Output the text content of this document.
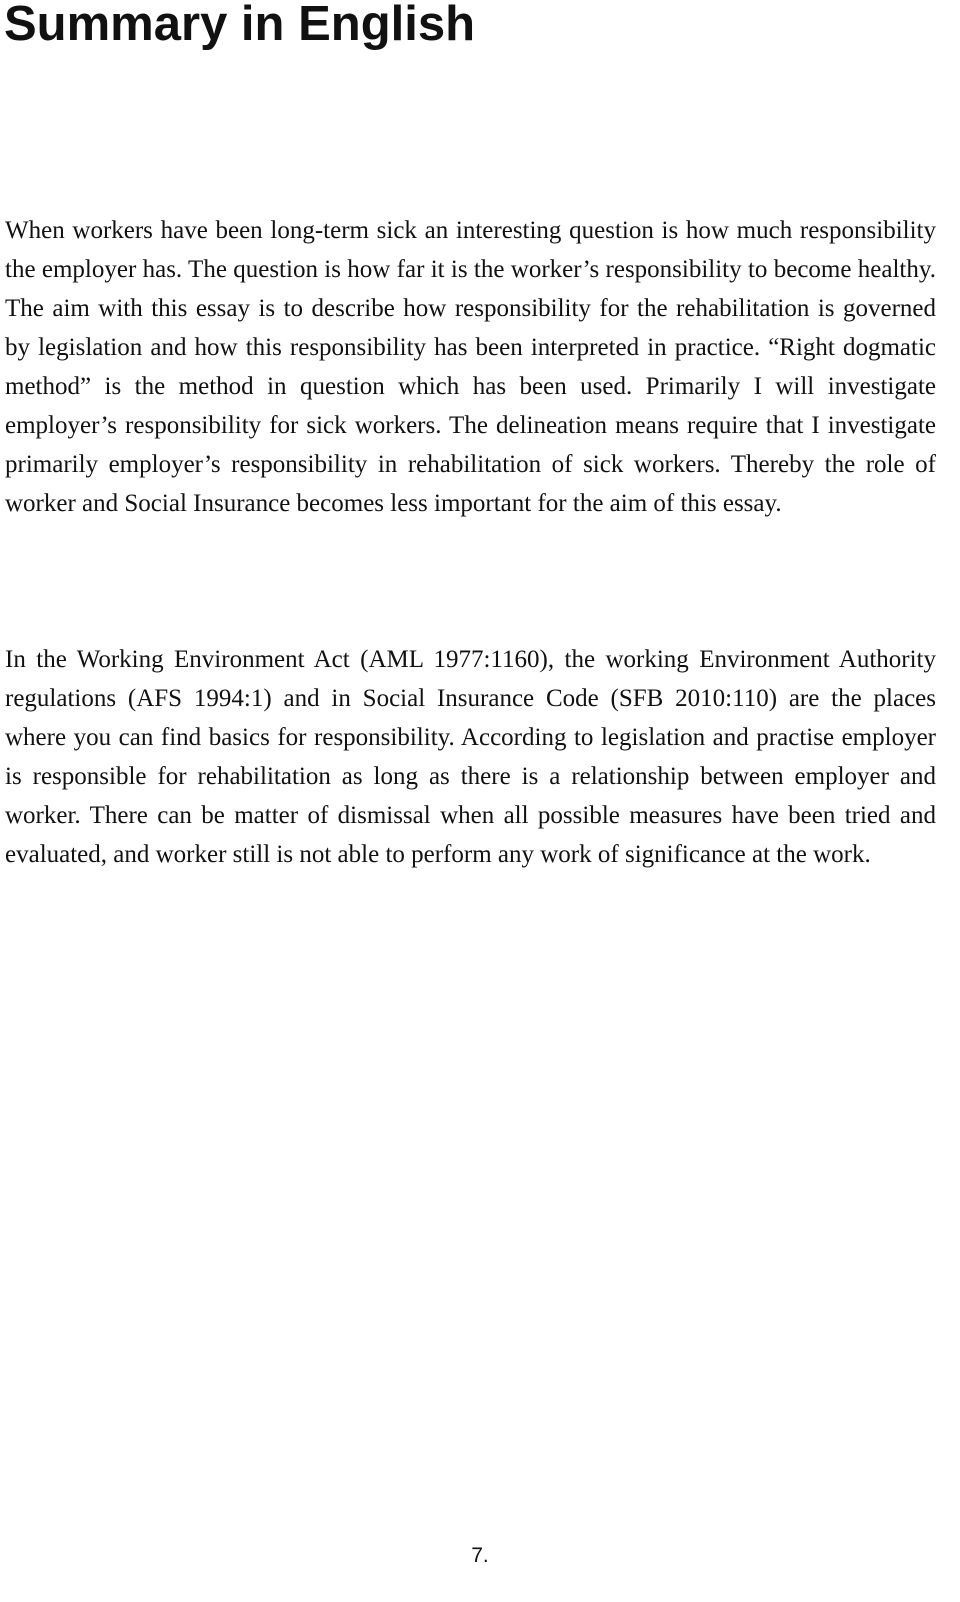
Summary in English

When workers have been long-term sick an interesting question is how much responsibility the employer has. The question is how far it is the worker’s responsibility to become healthy. The aim with this essay is to describe how responsibility for the rehabilitation is governed by legislation and how this responsibility has been interpreted in practice. “Right dogmatic method” is the method in question which has been used. Primarily I will investigate employer’s responsibility for sick workers. The delineation means require that I investigate primarily employer’s responsibility in rehabilitation of sick workers. Thereby the role of worker and Social Insurance becomes less important for the aim of this essay.

In the Working Environment Act (AML 1977:1160), the working Environment Authority regulations (AFS 1994:1) and in Social Insurance Code (SFB 2010:110) are the places where you can find basics for responsibility. According to legislation and practise employer is responsible for rehabilitation as long as there is a relationship between employer and worker. There can be matter of dismissal when all possible measures have been tried and evaluated, and worker still is not able to perform any work of significance at the work.

7.
